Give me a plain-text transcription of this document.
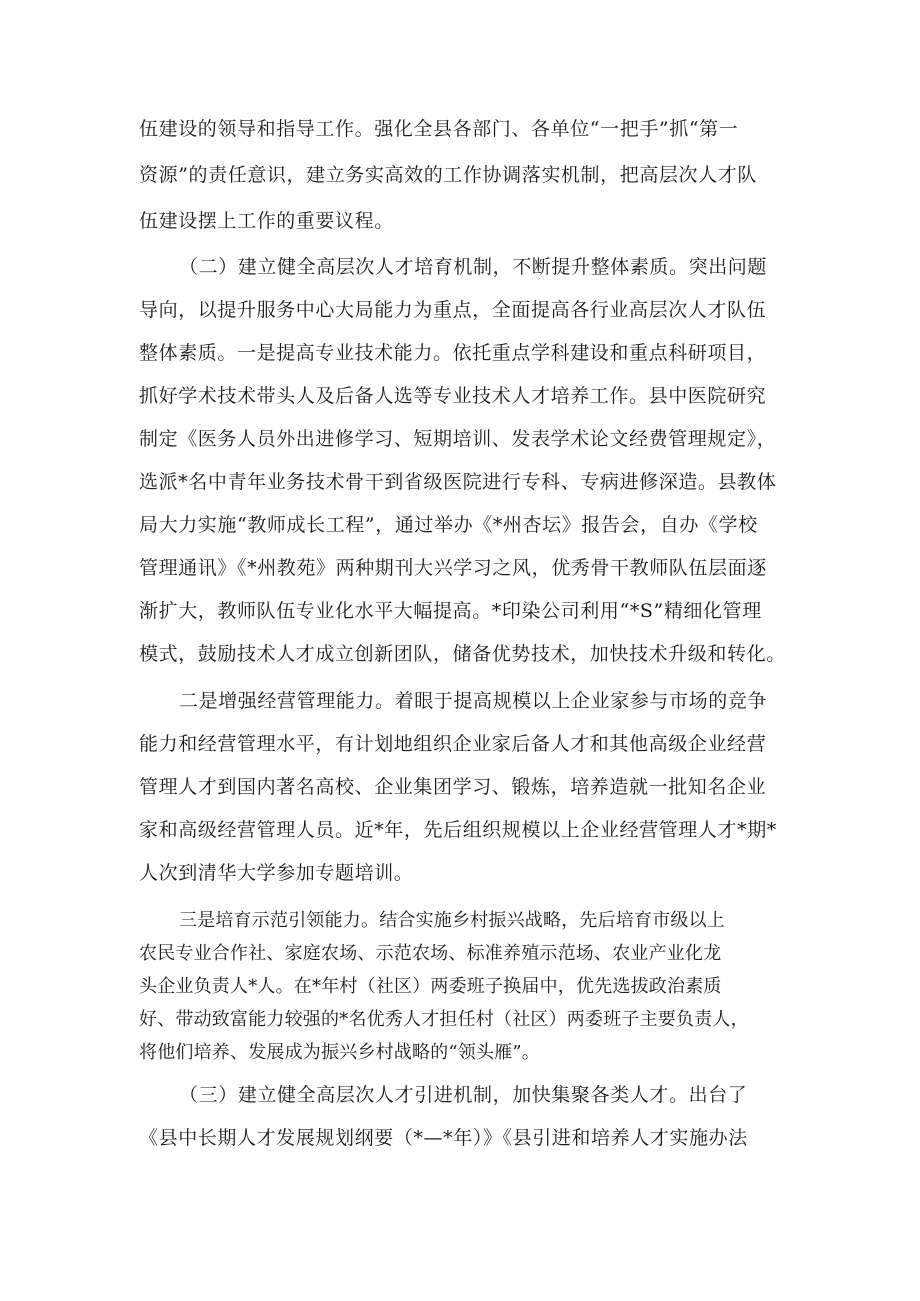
伍建设的领导和指导工作。强化全县各部门、各单位“一把手”抓“第一
资源”的责任意识，建立务实高效的工作协调落实机制，把高层次人才队
伍建设摆上工作的重要议程。
（二）建立健全高层次人才培育机制，不断提升整体素质。突出问题
导向，以提升服务中心大局能力为重点，全面提高各行业高层次人才队伍
整体素质。一是提高专业技术能力。依托重点学科建设和重点科研项目，
抓好学术技术带头人及后备人选等专业技术人才培养工作。县中医院研究
制定《医务人员外出进修学习、短期培训、发表学术论文经费管理规定》，
选派*名中青年业务技术骨干到省级医院进行专科、专病进修深造。县教体
局大力实施“教师成长工程”，通过举办《*州杏坛》报告会，自办《学校
管理通讯》《*州教苑》两种期刊大兴学习之风，优秀骨干教师队伍层面逐
渐扩大，教师队伍专业化水平大幅提高。*印染公司利用“*S”精细化管理
模式，鼓励技术人才成立创新团队，储备优势技术，加快技术升级和转化。
二是增强经营管理能力。着眼于提高规模以上企业家参与市场的竞争
能力和经营管理水平，有计划地组织企业家后备人才和其他高级企业经营
管理人才到国内著名高校、企业集团学习、锻炼，培养造就一批知名企业
家和高级经营管理人员。近*年，先后组织规模以上企业经营管理人才*期*
人次到清华大学参加专题培训。
三是培育示范引领能力。结合实施乡村振兴战略，先后培育市级以上
农民专业合作社、家庭农场、示范农场、标准养殖示范场、农业产业化龙
头企业负责人*人。在*年村（社区）两委班子换届中，优先选拔政治素质
好、带动致富能力较强的*名优秀人才担任村（社区）两委班子主要负责人，
将他们培养、发展成为振兴乡村战略的“领头雁”。
（三）建立健全高层次人才引进机制，加快集聚各类人才。出台了
《县中长期人才发展规划纲要（*—*年）》《县引进和培养人才实施办法
